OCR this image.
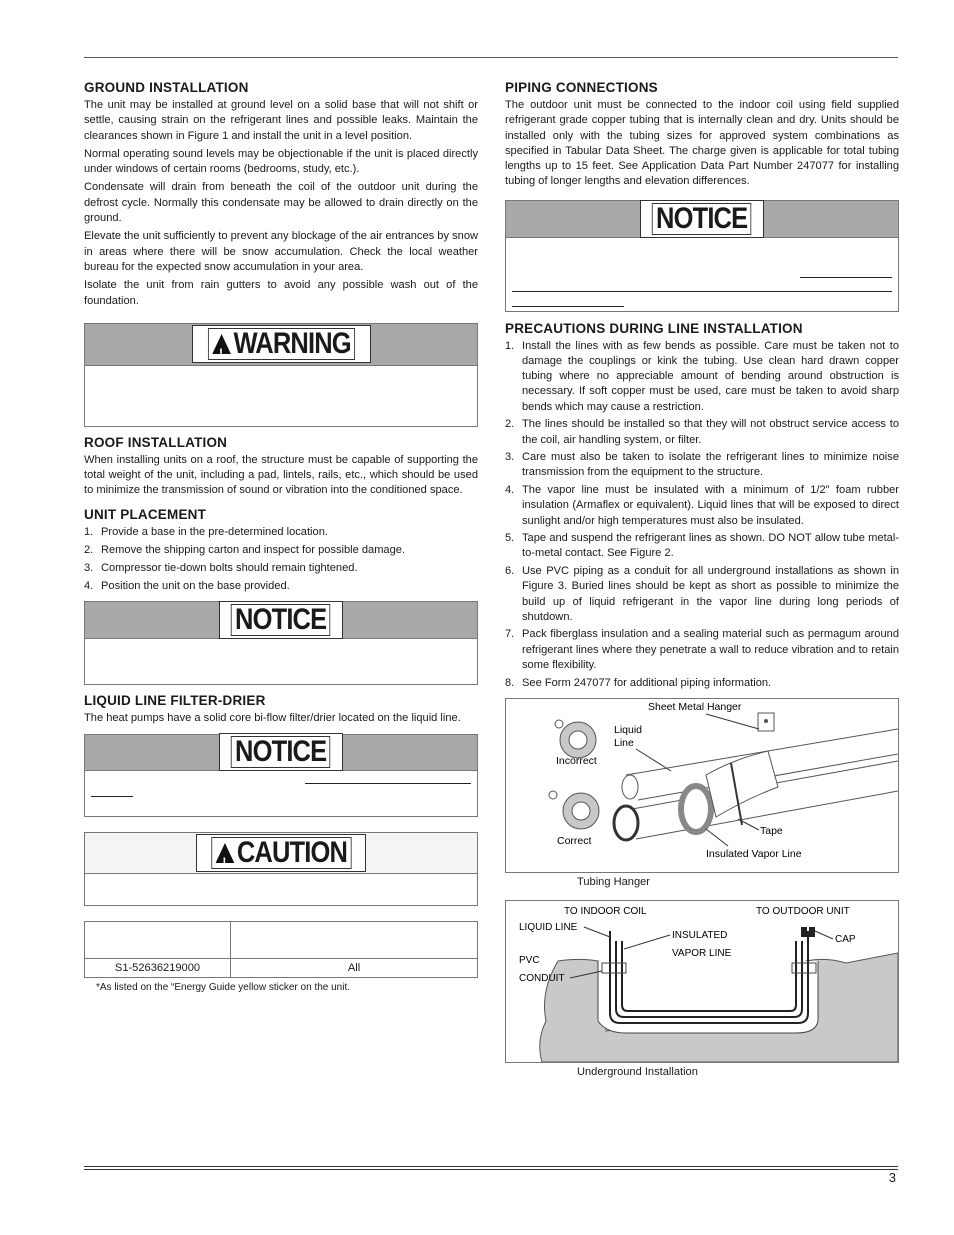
GROUND INSTALLATION

The unit may be installed at ground level on a solid base that will not shift or settle, causing strain on the refrigerant lines and possible leaks. Maintain the clearances shown in Figure 1 and install the unit in a level position.

Normal operating sound levels may be objectionable if the unit is placed directly under windows of certain rooms (bedrooms, study, etc.).

Condensate will drain from beneath the coil of the outdoor unit during the defrost cycle. Normally this condensate may be allowed to drain directly on the ground.

Elevate the unit sufficiently to prevent any blockage of the air entrances by snow in areas where there will be snow accumulation. Check the local weather bureau for the expected snow accumulation in your area.

Isolate the unit from rain gutters to avoid any possible wash out of the foundation.

!WARNING
ROOF INSTALLATION

When installing units on a roof, the structure must be capable of supporting the total weight of the unit, including a pad, lintels, rails, etc., which should be used to minimize the transmission of sound or vibration into the conditioned space.

UNIT PLACEMENT
1. Provide a base in the pre-determined location.
2. Remove the shipping carton and inspect for possible damage.
3. Compressor tie-down bolts should remain tightened.
4. Position the unit on the base provided.
NOTICE
LIQUID LINE FILTER-DRIER

The heat pumps have a solid core bi-flow filter/drier located on the liquid line.

NOTICE
!CAUTION

S1-52636219000	All
*As listed on the “Energy Guide yellow sticker on the unit.
PIPING CONNECTIONS

The outdoor unit must be connected to the indoor coil using field supplied refrigerant grade copper tubing that is internally clean and dry. Units should be installed only with the tubing sizes for approved system combinations as specified in Tabular Data Sheet. The charge given is applicable for total tubing lengths up to 15 feet. See Application Data Part Number 247077 for installing tubing of longer lengths and elevation differences.

NOTICE
PRECAUTIONS DURING LINE INSTALLATION
1. Install the lines with as few bends as possible. Care must be taken not to damage the couplings or kink the tubing. Use clean hard drawn copper tubing where no appreciable amount of bending around obstruction is necessary. If soft copper must be used, care must be taken to avoid sharp bends which may cause a restriction.
2. The lines should be installed so that they will not obstruct service access to the coil, air handling system, or filter.
3. Care must also be taken to isolate the refrigerant lines to minimize noise transmission from the equipment to the structure.
4. The vapor line must be insulated with a minimum of 1/2" foam rubber insulation (Armaflex or equivalent). Liquid lines that will be exposed to direct sunlight and/or high temperatures must also be insulated.
5. Tape and suspend the refrigerant lines as shown. DO NOT allow tube metal-to-metal contact. See Figure 2.
6. Use PVC piping as a conduit for all underground installations as shown in Figure 3. Buried lines should be kept as short as possible to minimize the build up of liquid refrigerant in the vapor line during long periods of shutdown.
7. Pack fiberglass insulation and a sealing material such as permagum around refrigerant lines where they penetrate a wall to reduce vibration and to retain some flexibility.
8. See Form 247077 for additional piping information.
Incorrect
Correct
Sheet Metal Hanger
Liquid
Line
Tape
Insulated Vapor Line
Tubing Hanger
TO INDOOR COIL	TO OUTDOOR UNIT
LIQUID LINE
INSULATED
VAPOR LINE
CAP
PVC
CONDUIT
Underground Installation
3
